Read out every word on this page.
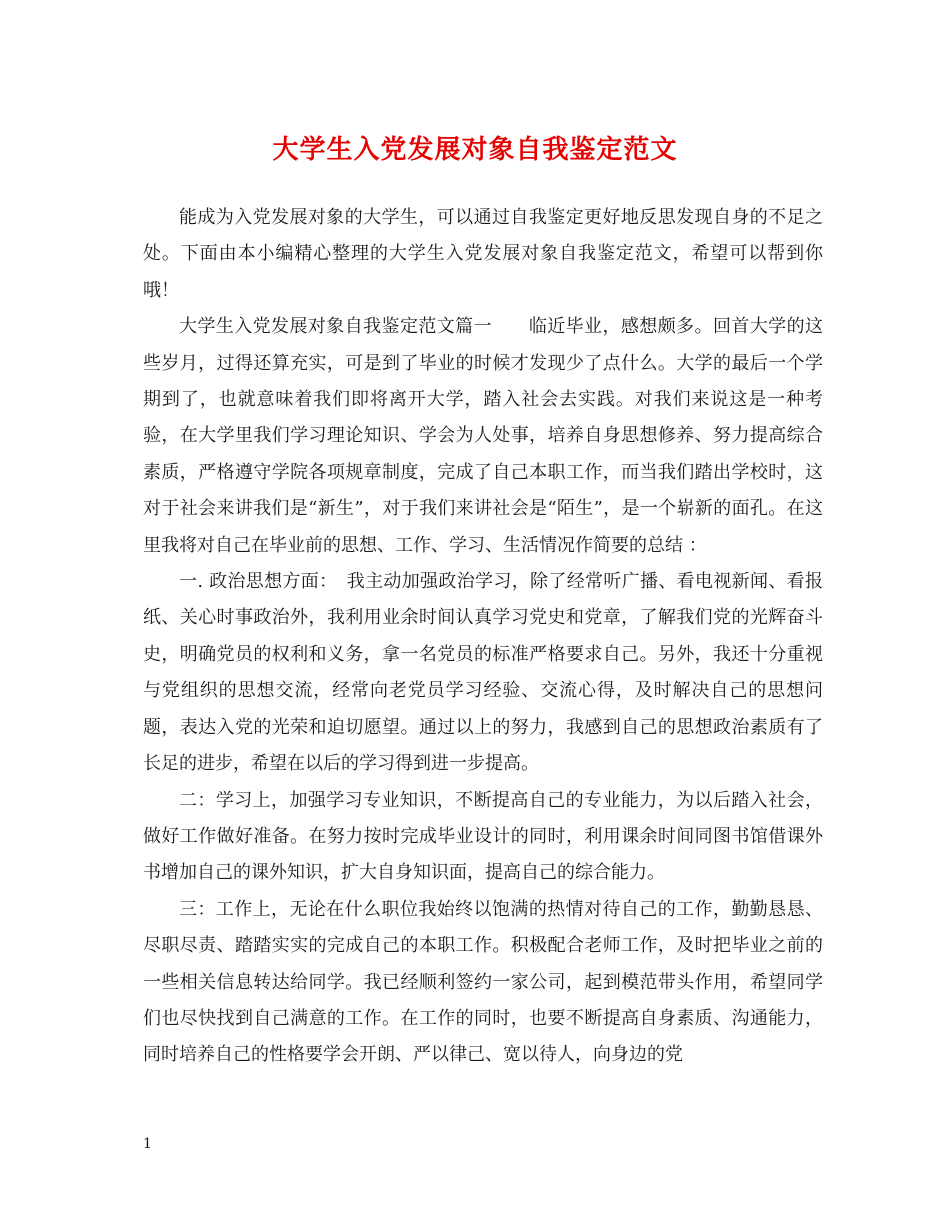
大学生入党发展对象自我鉴定范文

能成为入党发展对象的大学生，可以通过自我鉴定更好地反思发现自身的不足之处。下面由本小编精心整理的大学生入党发展对象自我鉴定范文，希望可以帮到你哦！

大学生入党发展对象自我鉴定范文篇一　　临近毕业，感想颇多。回首大学的这些岁月，过得还算充实，可是到了毕业的时候才发现少了点什么。大学的最后一个学期到了，也就意味着我们即将离开大学，踏入社会去实践。对我们来说这是一种考验，在大学里我们学习理论知识、学会为人处事，培养自身思想修养、努力提高综合素质，严格遵守学院各项规章制度，完成了自己本职工作，而当我们踏出学校时，这对于社会来讲我们是“新生”，对于我们来讲社会是“陌生”，是一个崭新的面孔。在这里我将对自己在毕业前的思想、工作、学习、生活情况作简要的总结 ：

一. 政治思想方面：　我主动加强政治学习，除了经常听广播、看电视新闻、看报纸、关心时事政治外，我利用业余时间认真学习党史和党章，了解我们党的光辉奋斗史，明确党员的权利和义务，拿一名党员的标准严格要求自己。另外，我还十分重视与党组织的思想交流，经常向老党员学习经验、交流心得，及时解决自己的思想问题，表达入党的光荣和迫切愿望。通过以上的努力，我感到自己的思想政治素质有了长足的进步，希望在以后的学习得到进一步提高。

二：学习上，加强学习专业知识，不断提高自己的专业能力，为以后踏入社会，做好工作做好准备。在努力按时完成毕业设计的同时，利用课余时间同图书馆借课外书增加自己的课外知识，扩大自身知识面，提高自己的综合能力。

三：工作上，无论在什么职位我始终以饱满的热情对待自己的工作，勤勤恳恳、尽职尽责、踏踏实实的完成自己的本职工作。积极配合老师工作，及时把毕业之前的一些相关信息转达给同学。我已经顺利签约一家公司，起到模范带头作用，希望同学们也尽快找到自己满意的工作。在工作的同时，也要不断提高自身素质、沟通能力，同时培养自己的性格要学会开朗、严以律己、宽以待人，向身边的党

1
